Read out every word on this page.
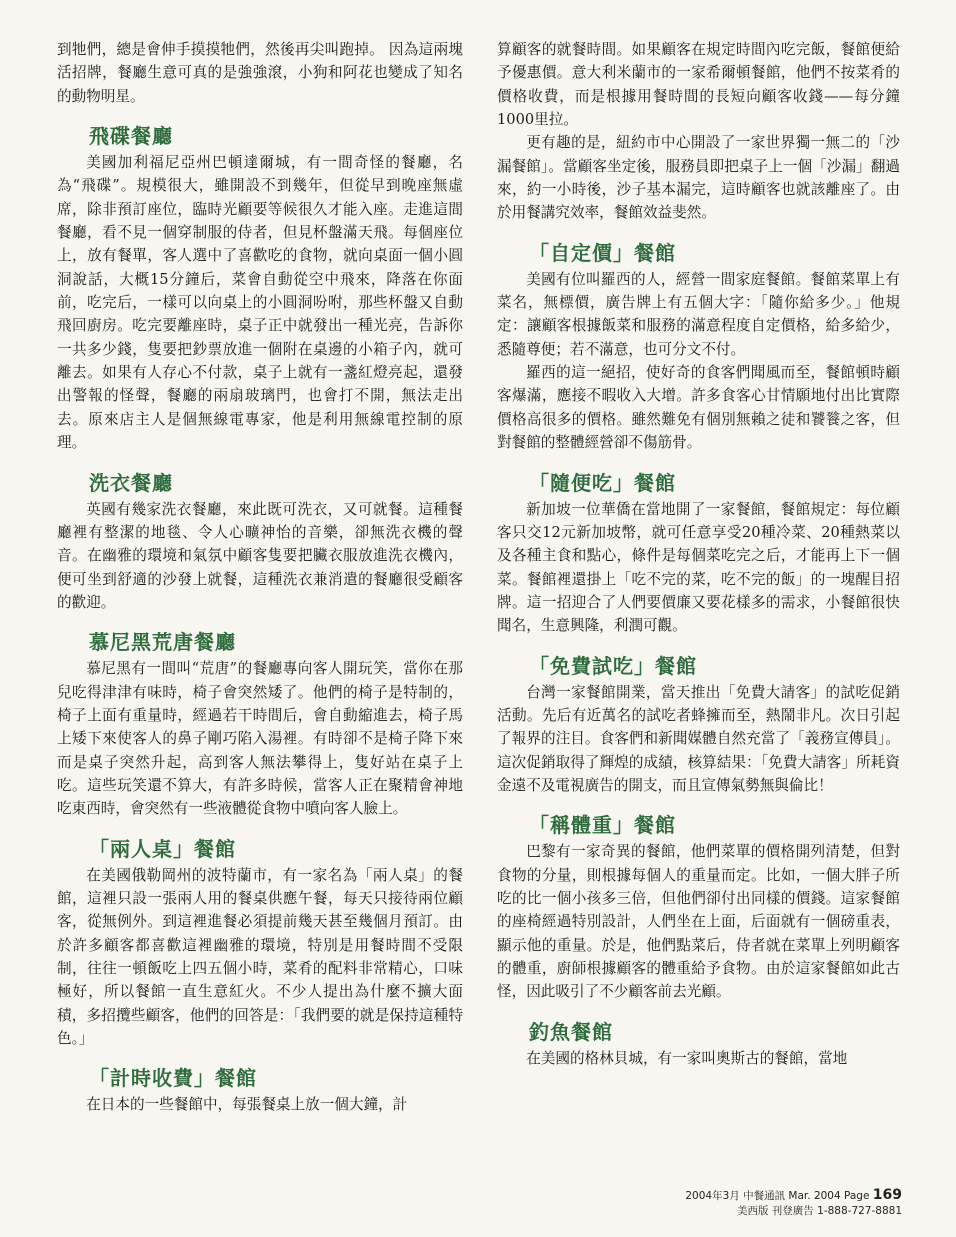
到牠們，總是會伸手摸摸牠們，然後再尖叫跑掉。 因為這兩塊活招牌，餐廳生意可真的是強強滾，小狗和阿花也變成了知名的動物明星。

飛碟餐廳

美國加利福尼亞州巴頓達爾城，有一間奇怪的餐廳，名為“飛碟”。規模很大，雖開設不到幾年，但從早到晚座無虛席，除非預訂座位，臨時光顧要等候很久才能入座。走進這間餐廳，看不見一個穿制服的侍者，但見杯盤滿天飛。每個座位上，放有餐單，客人選中了喜歡吃的食物，就向桌面一個小圓洞說話，大概15分鐘后，菜會自動從空中飛來，降落在你面前，吃完后，一樣可以向桌上的小圓洞吩咐，那些杯盤又自動飛回廚房。吃完要離座時，桌子正中就發出一種光亮，告訴你一共多少錢，隻要把鈔票放進一個附在桌邊的小箱子內，就可離去。如果有人存心不付款，桌子上就有一盞紅燈亮起，還發出警報的怪聲，餐廳的兩扇玻璃門，也會打不開，無法走出去。原來店主人是個無線電專家，他是利用無線電控制的原理。

洗衣餐廳

英國有幾家洗衣餐廳，來此既可洗衣，又可就餐。這種餐廳裡有整潔的地毯、令人心曠神怡的音樂，卻無洗衣機的聲音。在幽雅的環境和氣氛中顧客隻要把臟衣服放進洗衣機內，便可坐到舒適的沙發上就餐，這種洗衣兼消遣的餐廳很受顧客的歡迎。

慕尼黑荒唐餐廳

慕尼黑有一間叫“荒唐”的餐廳專向客人開玩笑，當你在那兒吃得津津有味時，椅子會突然矮了。他們的椅子是特制的，椅子上面有重量時，經過若干時間后，會自動縮進去，椅子馬上矮下來使客人的鼻子剛巧陷入湯裡。有時卻不是椅子降下來而是桌子突然升起，高到客人無法攀得上，隻好站在桌子上吃。這些玩笑還不算大，有許多時候，當客人正在聚精會神地吃東西時，會突然有一些液體從食物中噴向客人臉上。

「兩人桌」餐館

在美國俄勒岡州的波特蘭市，有一家名為「兩人桌」的餐館，這裡只設一張兩人用的餐桌供應午餐，每天只接待兩位顧客，從無例外。到這裡進餐必須提前幾天甚至幾個月預訂。由於許多顧客都喜歡這裡幽雅的環境，特別是用餐時間不受限制，往往一頓飯吃上四五個小時，菜肴的配料非常精心，口味極好，所以餐館一直生意紅火。不少人提出為什麼不擴大面積，多招攬些顧客，他們的回答是：「我們要的就是保持這種特色。」

「計時收費」餐館

在日本的一些餐館中，每張餐桌上放一個大鐘，計

算顧客的就餐時間。如果顧客在規定時間內吃完飯，餐館便給予優惠價。意大利米蘭市的一家希爾頓餐館，他們不按菜肴的價格收費，而是根據用餐時間的長短向顧客收錢——每分鐘1000里拉。

更有趣的是，紐約市中心開設了一家世界獨一無二的「沙漏餐館」。當顧客坐定後，服務員即把桌子上一個「沙漏」翻過來，約一小時後，沙子基本漏完，這時顧客也就該離座了。由於用餐講究效率，餐館效益斐然。

「自定價」餐館

美國有位叫羅西的人，經營一間家庭餐館。餐館菜單上有菜名，無標價，廣告牌上有五個大字：「隨你給多少。」他規定：讓顧客根據飯菜和服務的滿意程度自定價格，給多給少，悉隨尊便；若不滿意，也可分文不付。

羅西的這一絕招，使好奇的食客們聞風而至，餐館頓時顧客爆滿，應接不暇收入大增。許多食客心甘情願地付出比實際價格高很多的價格。雖然難免有個別無賴之徒和饕餮之客，但對餐館的整體經營卻不傷筋骨。

「隨便吃」餐館

新加坡一位華僑在當地開了一家餐館，餐館規定：每位顧客只交12元新加坡幣，就可任意享受20種冷菜、20種熱菜以及各種主食和點心，條件是每個菜吃完之后，才能再上下一個菜。餐館裡還掛上「吃不完的菜，吃不完的飯」的一塊醒目招牌。這一招迎合了人們要價廉又要花樣多的需求，小餐館很快聞名，生意興隆，利潤可觀。

「免費試吃」餐館

台灣一家餐館開業，當天推出「免費大請客」的試吃促銷活動。先后有近萬名的試吃者蜂擁而至，熱鬧非凡。次日引起了報界的注目。食客們和新聞媒體自然充當了「義務宣傳員」。這次促銷取得了輝煌的成績，核算結果：「免費大請客」所耗資金遠不及電視廣告的開支，而且宣傳氣勢無與倫比！

「稱體重」餐館

巴黎有一家奇異的餐館，他們菜單的價格開列清楚，但對食物的分量，則根據每個人的重量而定。比如，一個大胖子所吃的比一個小孩多三倍，但他們卻付出同樣的價錢。這家餐館的座椅經過特別設計，人們坐在上面，后面就有一個磅重表，顯示他的重量。於是，他們點菜后，侍者就在菜單上列明顧客的體重，廚師根據顧客的體重給予食物。由於這家餐館如此古怪，因此吸引了不少顧客前去光顧。

釣魚餐館

在美國的格林貝城，有一家叫奧斯古的餐館，當地

2004年3月 中餐通訊 Mar. 2004 Page 169
美西版 刊登廣告 1-888-727-8881
